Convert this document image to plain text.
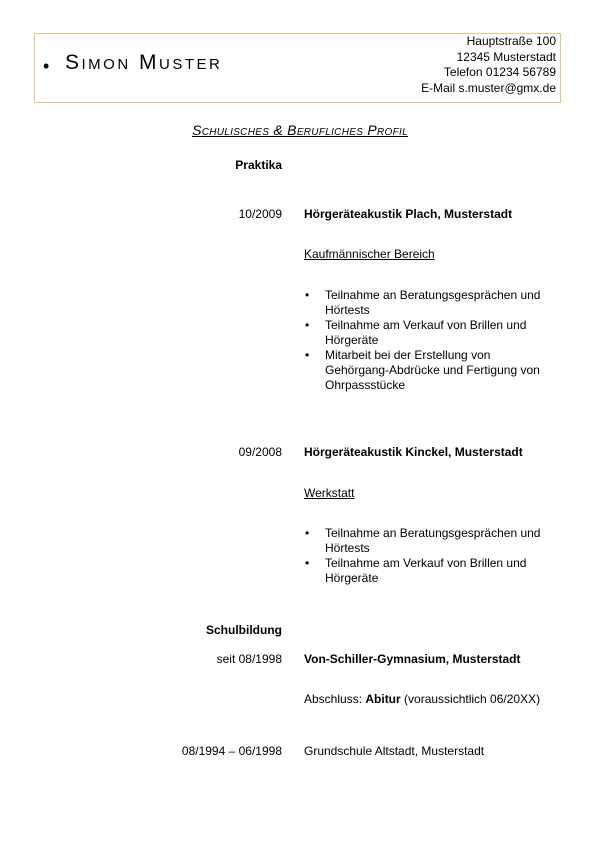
• Simon Muster
Hauptstraße 100
12345 Musterstadt
Telefon 01234 56789
E-Mail s.muster@gmx.de
Schulisches & Berufliches Profil
Praktika
10/2009 Hörgeräteakustik Plach, Musterstadt
Kaufmännischer Bereich
• Teilnahme an Beratungsgesprächen und Hörtests
• Teilnahme am Verkauf von Brillen und Hörgeräte
• Mitarbeit bei der Erstellung von Gehörgang-Abdrücke und Fertigung von Ohrpassstücke
09/2008 Hörgeräteakustik Kinckel, Musterstadt
Werkstatt
• Teilnahme an Beratungsgesprächen und Hörtests
• Teilnahme am Verkauf von Brillen und Hörgeräte
Schulbildung
seit 08/1998 Von-Schiller-Gymnasium, Musterstadt
Abschluss: Abitur (voraussichtlich 06/20XX)
08/1994 – 06/1998 Grundschule Altstadt, Musterstadt
